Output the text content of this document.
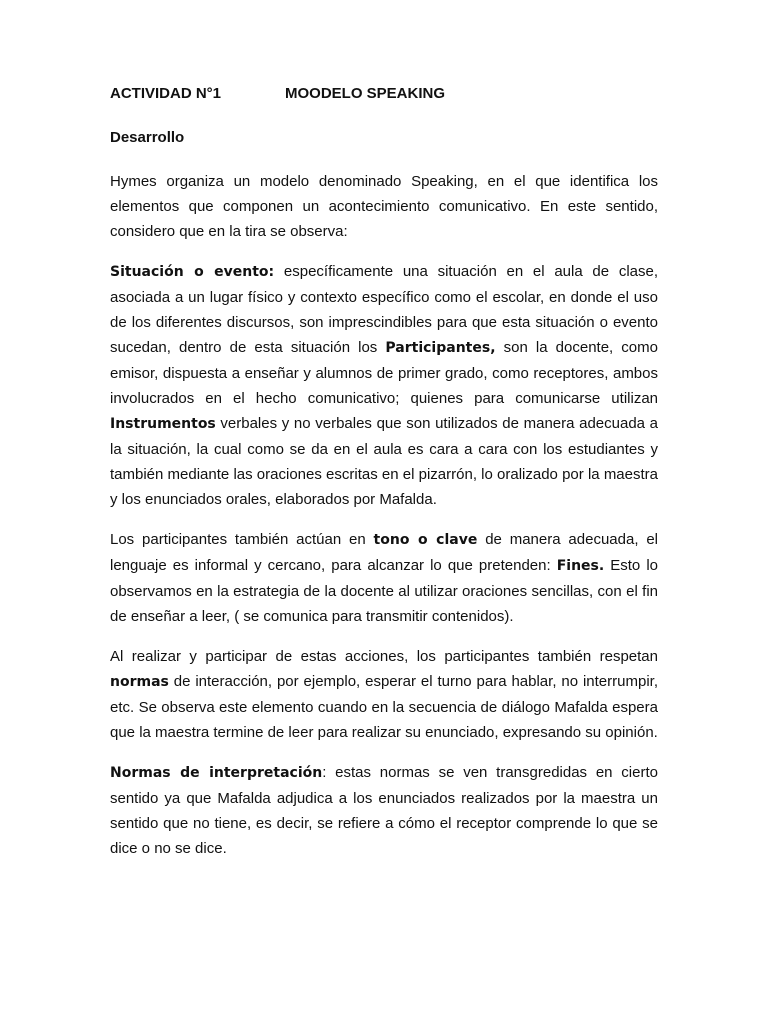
ACTIVIDAD N°1	MOODELO SPEAKING
Desarrollo

Hymes organiza un modelo denominado Speaking, en el que identifica los elementos que componen un acontecimiento comunicativo. En este sentido, considero que en la tira se observa:

Situación o evento: específicamente una situación en el aula de clase, asociada a un lugar físico y contexto específico como el escolar, en donde el uso de los diferentes discursos, son imprescindibles para que esta situación o evento sucedan, dentro de esta situación los Participantes, son la docente, como emisor, dispuesta a enseñar y alumnos de primer grado, como receptores, ambos involucrados en el hecho comunicativo; quienes para comunicarse utilizan Instrumentos verbales y no verbales que son utilizados de manera adecuada a la situación, la cual como se da en el aula es cara a cara con los estudiantes y también mediante las oraciones escritas en el pizarrón, lo oralizado por la maestra y los enunciados orales, elaborados por Mafalda.

Los participantes también actúan en tono o clave de manera adecuada, el lenguaje es informal y cercano, para alcanzar lo que pretenden: Fines. Esto lo observamos en la estrategia de la docente al utilizar oraciones sencillas, con el fin de enseñar a leer, ( se comunica para transmitir contenidos).

Al realizar y participar de estas acciones, los participantes también respetan normas de interacción, por ejemplo, esperar el turno para hablar, no interrumpir, etc. Se observa este elemento cuando en la secuencia de diálogo Mafalda espera que la maestra termine de leer para realizar su enunciado, expresando su opinión.

Normas de interpretación: estas normas se ven transgredidas en cierto sentido ya que Mafalda adjudica a los enunciados realizados por la maestra un sentido que no tiene, es decir, se refiere a cómo el receptor comprende lo que se dice o no se dice.
